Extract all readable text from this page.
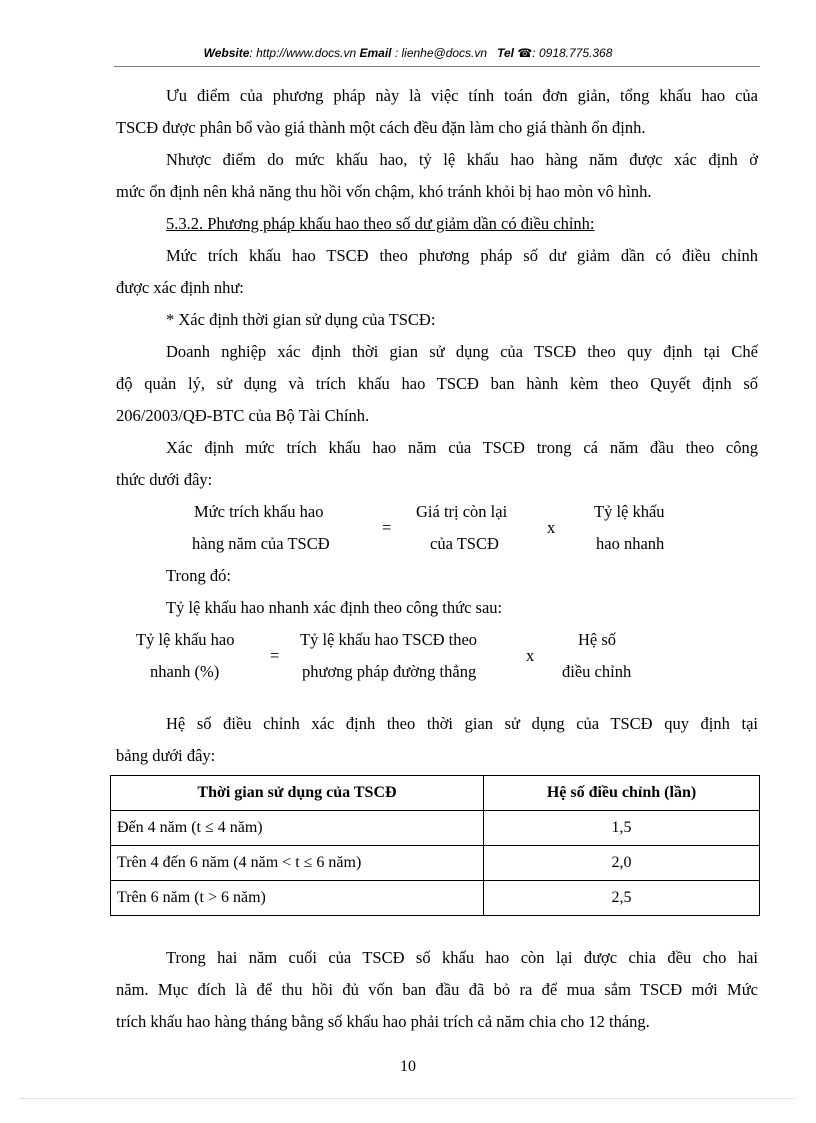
Website: http://www.docs.vn Email : lienhe@docs.vn Tel ☎: 0918.775.368

Ưu điểm của phương pháp này là việc tính toán đơn giản, tổng khấu hao của

TSCĐ được phân bổ vào giá thành một cách đều đặn làm cho giá thành ổn định.

Nhược điểm do mức khấu hao, tỷ lệ khấu hao hàng năm được xác định ở

mức ổn định nên khả năng thu hồi vốn chậm, khó tránh khỏi bị hao mòn vô hình.

5.3.2. Phương pháp khấu hao theo số dư giảm dần có điều chỉnh:

Mức trích khấu hao TSCĐ theo phương pháp số dư giảm dần có điều chỉnh

được xác định như:

* Xác định thời gian sử dụng của TSCĐ:

Doanh nghiệp xác định thời gian sử dụng của TSCĐ theo quy định tại Chế

độ quản lý, sử dụng và trích khấu hao TSCĐ ban hành kèm theo Quyết định số

206/2003/QĐ-BTC của Bộ Tài Chính.

Xác định mức trích khấu hao năm của TSCĐ trong cá năm đầu theo công

thức dưới đây:

Mức trích khấu hao
hàng năm của TSCĐ
=
Giá trị còn lại
của TSCĐ
x
Tỷ lệ khấu
hao nhanh

Trong đó:

Tỷ lệ khấu hao nhanh xác định theo công thức sau:

Tỷ lệ khấu hao
nhanh (%)
=
Tỷ lệ khấu hao TSCĐ theo
phương pháp đường thẳng
x
Hệ số
điều chỉnh

Hệ số điều chỉnh xác định theo thời gian sử dụng của TSCĐ quy định tại

bảng dưới đây:

Thời gian sử dụng của TSCĐ	Hệ số điều chỉnh (lần)
Đến 4 năm (t ≤ 4 năm)	1,5
Trên 4 đến 6 năm (4 năm < t ≤ 6 năm)	2,0
Trên 6 năm (t > 6 năm)	2,5

Trong hai năm cuối của TSCĐ số khấu hao còn lại được chia đều cho hai

năm. Mục đích là để thu hồi đủ vốn ban đầu đã bỏ ra để mua sắm TSCĐ mới Mức

trích khấu hao hàng tháng bằng số khấu hao phải trích cả năm chia cho 12 tháng.

10
